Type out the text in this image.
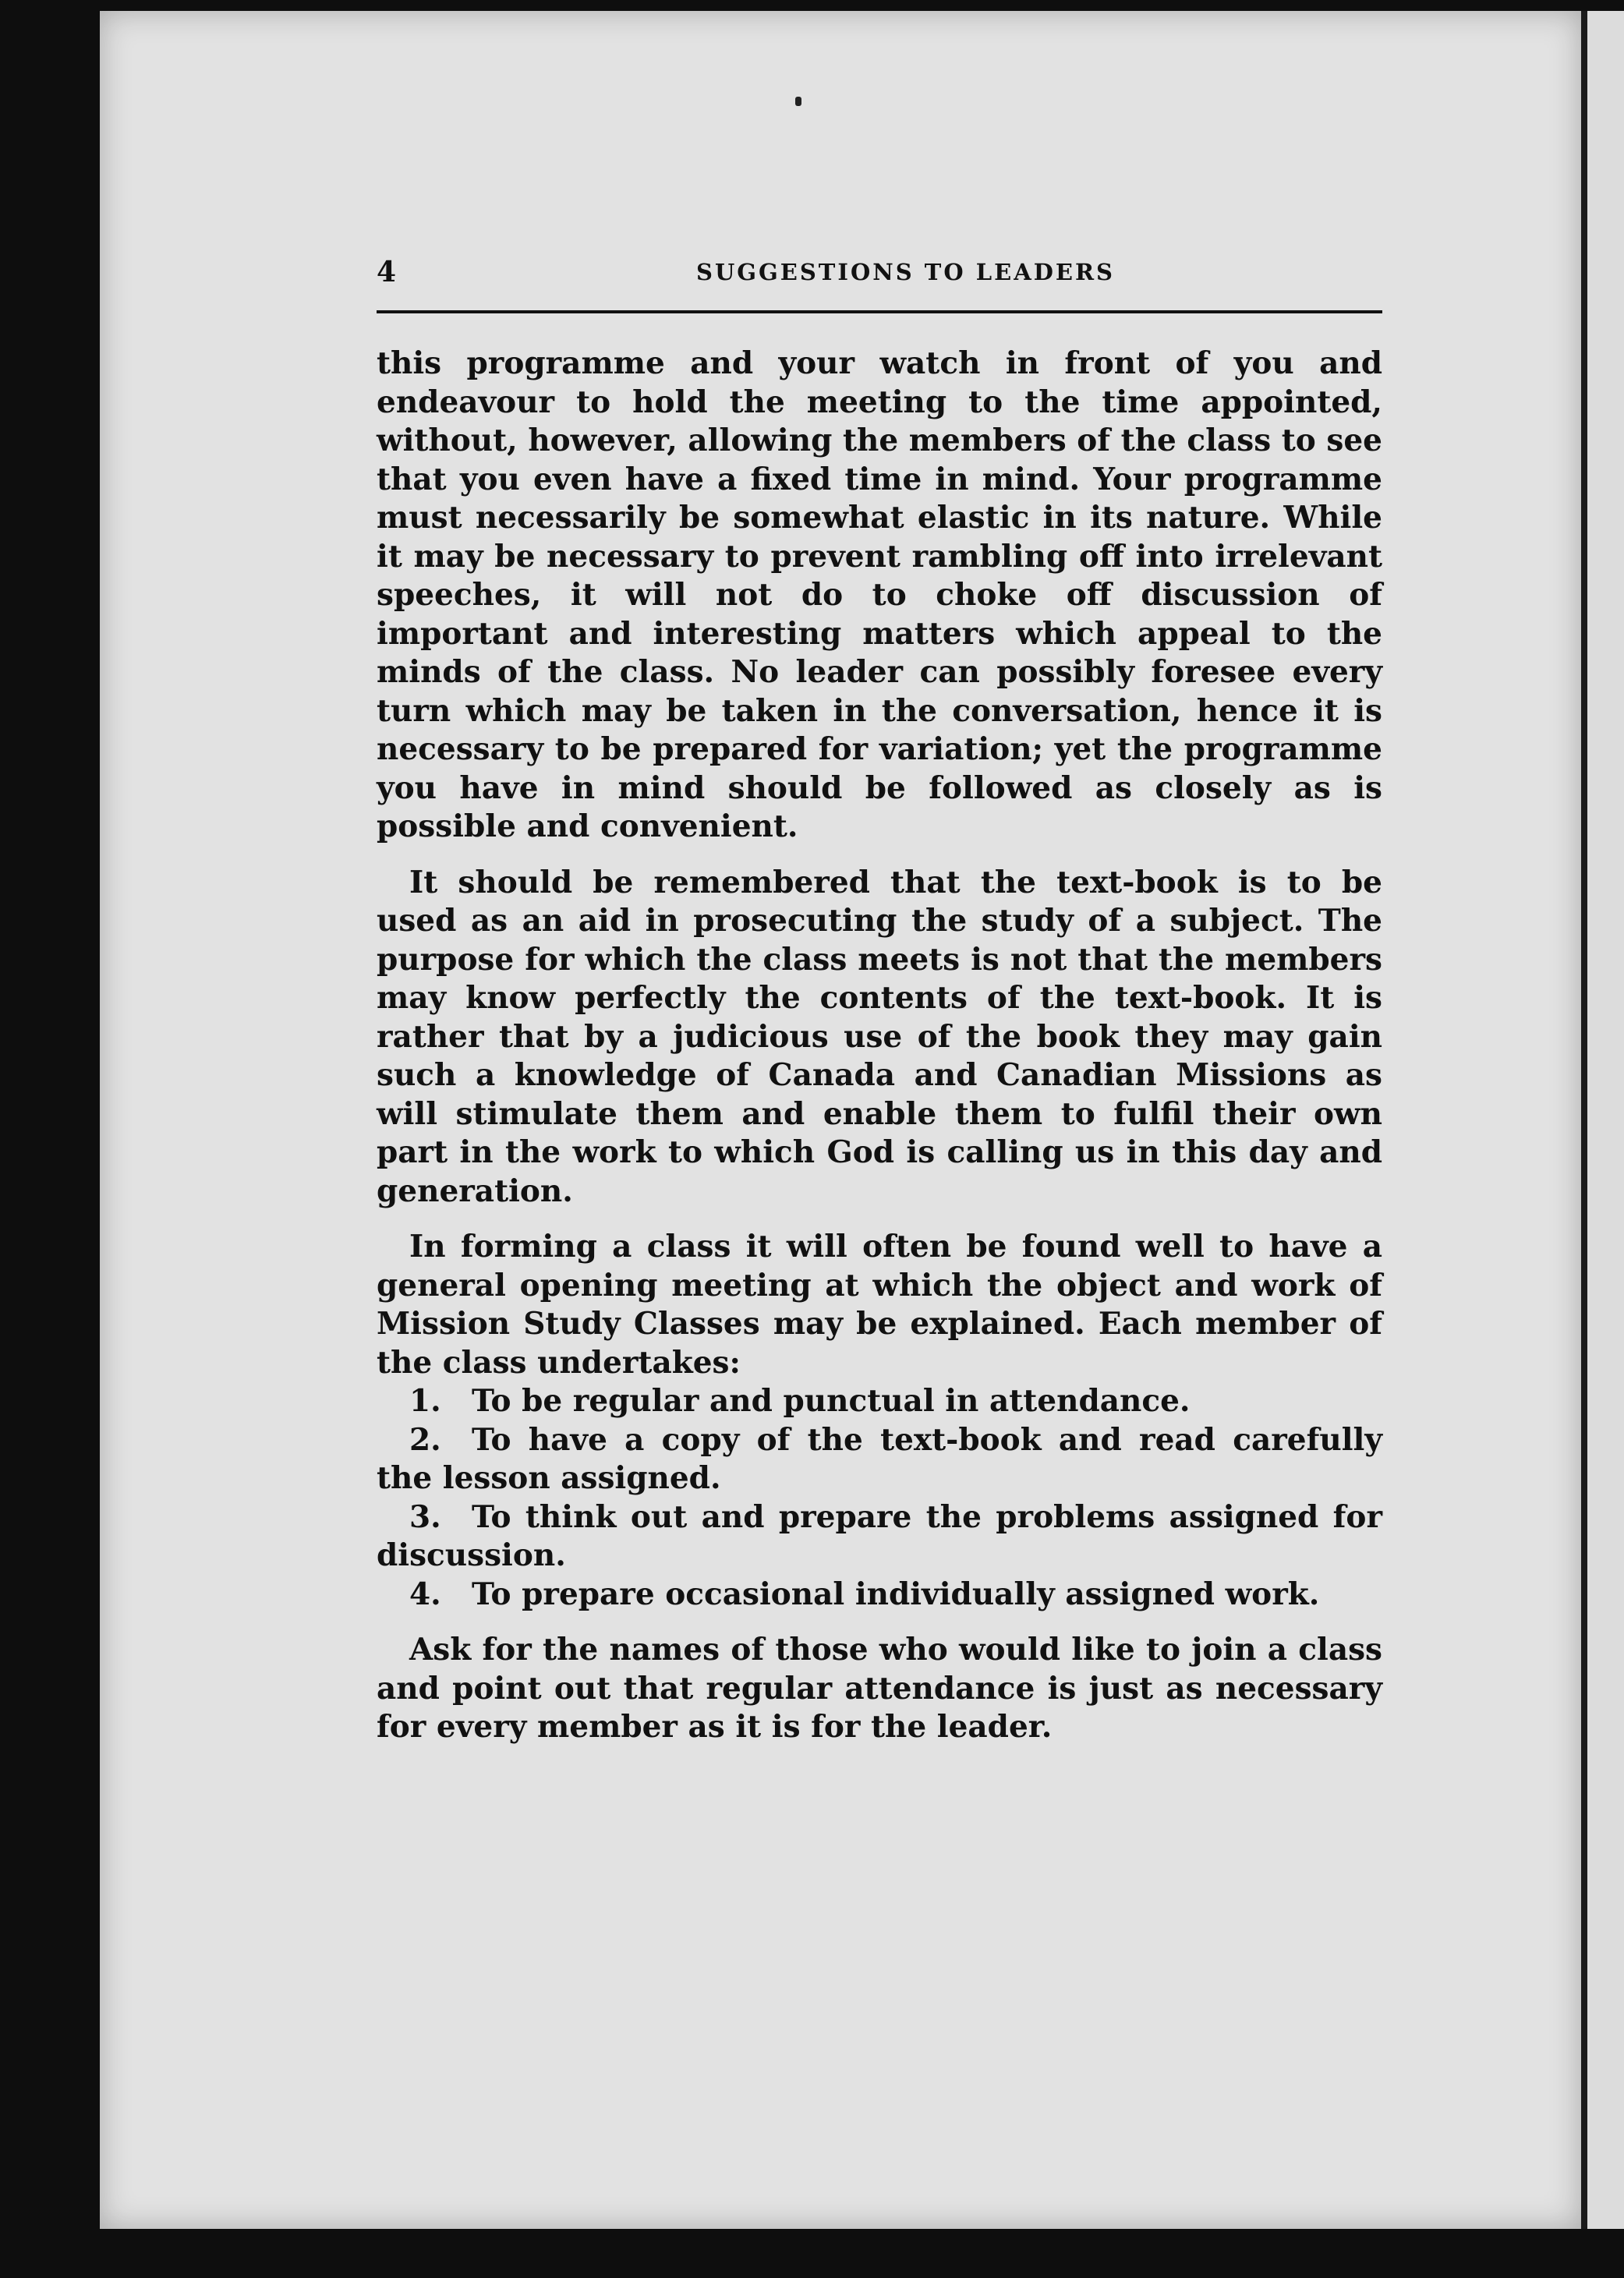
4	SUGGESTIONS TO LEADERS

this programme and your watch in front of you and endeavour to hold the meeting to the time appointed, without, however, allowing the members of the class to see that you even have a fixed time in mind. Your programme must necessarily be somewhat elastic in its nature. While it may be necessary to prevent rambling off into irrelevant speeches, it will not do to choke off discussion of important and interesting matters which appeal to the minds of the class. No leader can possibly foresee every turn which may be taken in the conversation, hence it is necessary to be prepared for variation; yet the programme you have in mind should be followed as closely as is possible and convenient.

It should be remembered that the text-book is to be used as an aid in prosecuting the study of a subject. The purpose for which the class meets is not that the members may know perfectly the contents of the text-book. It is rather that by a judicious use of the book they may gain such a knowledge of Canada and Canadian Missions as will stimulate them and enable them to fulfil their own part in the work to which God is calling us in this day and generation.

In forming a class it will often be found well to have a general opening meeting at which the object and work of Mission Study Classes may be explained. Each member of the class undertakes:

1. To be regular and punctual in attendance.

2. To have a copy of the text-book and read carefully the lesson assigned.

3. To think out and prepare the problems assigned for discussion.

4. To prepare occasional individually assigned work.

Ask for the names of those who would like to join a class and point out that regular attendance is just as necessary for every member as it is for the leader.
